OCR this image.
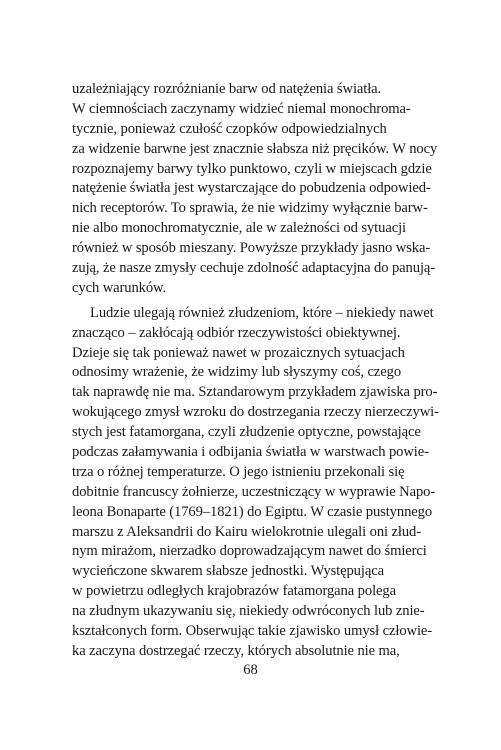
uzależniający rozróżnianie barw od natężenia światła.
W ciemnościach zaczynamy widzieć niemal monochroma-
tycznie, ponieważ czułość czopków odpowiedzialnych
za widzenie barwne jest znacznie słabsza niż pręcików. W nocy
rozpoznajemy barwy tylko punktowo, czyli w miejscach gdzie
natężenie światła jest wystarczające do pobudzenia odpowied-
nich receptorów. To sprawia, że nie widzimy wyłącznie barw-
nie albo monochromatycznie, ale w zależności od sytuacji
również w sposób mieszany. Powyższe przykłady jasno wska-
zują, że nasze zmysły cechuje zdolność adaptacyjna do panują-
cych warunków.
Ludzie ulegają również złudzeniom, które – niekiedy nawet
znacząco – zakłócają odbiór rzeczywistości obiektywnej.
Dzieje się tak ponieważ nawet w prozaicznych sytuacjach
odnosimy wrażenie, że widzimy lub słyszymy coś, czego
tak naprawdę nie ma. Sztandarowym przykładem zjawiska pro-
wokującego zmysł wzroku do dostrzegania rzeczy nierzeczywi-
stych jest fatamorgana, czyli złudzenie optyczne, powstające
podczas załamywania i odbijania światła w warstwach powie-
trza o różnej temperaturze. O jego istnieniu przekonali się
dobitnie francuscy żołnierze, uczestniczący w wyprawie Napo-
leona Bonaparte (1769–1821) do Egiptu. W czasie pustynnego
marszu z Aleksandrii do Kairu wielokrotnie ulegali oni złud-
nym mirażom, nierzadko doprowadzającym nawet do śmierci
wycieńczone skwarem słabsze jednostki. Występująca
w powietrzu odległych krajobrazów fatamorgana polega
na złudnym ukazywaniu się, niekiedy odwróconych lub znie-
kształconych form. Obserwując takie zjawisko umysł człowie-
ka zaczyna dostrzegać rzeczy, których absolutnie nie ma,
68
